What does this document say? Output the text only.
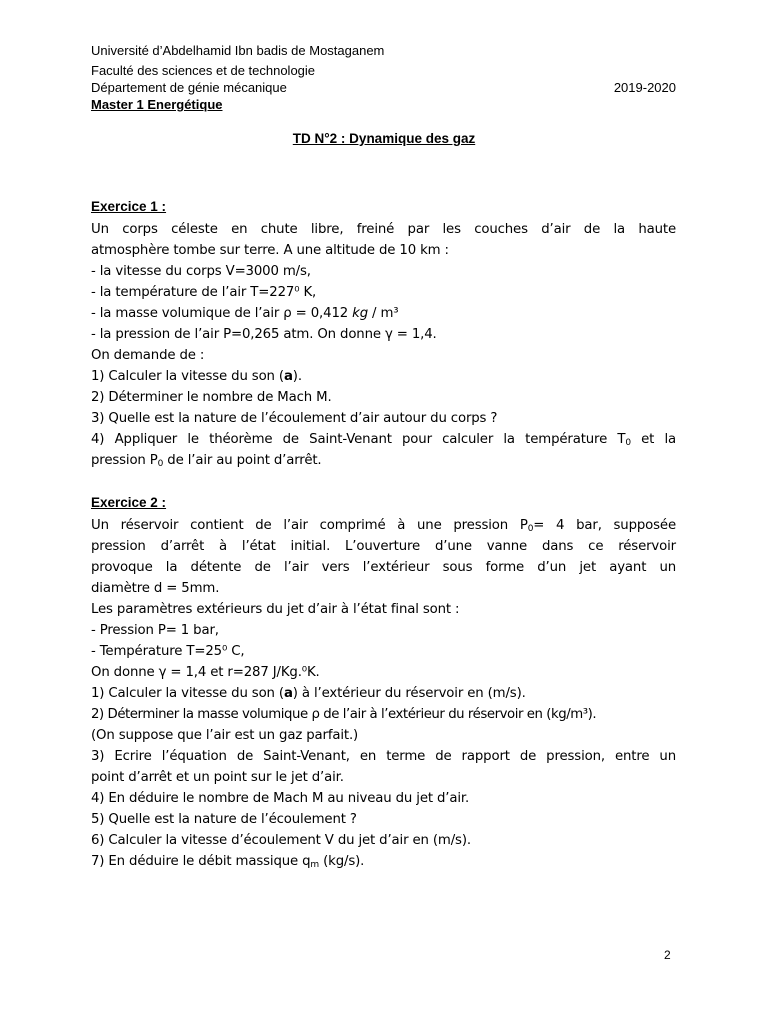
Université d’Abdelhamid Ibn badis de Mostaganem
Faculté des sciences et de technologie
Département de génie mécanique	2019-2020
Master 1 Energétique
TD N°2 : Dynamique des gaz
Exercice 1 :
Un corps céleste en chute libre, freiné par les couches d’air de la haute
atmosphère tombe sur terre. A une altitude de 10 km :
- la vitesse du corps V=3000 m/s,
- la température de l’air T=227⁰ K,
- la masse volumique de l’air ρ = 0,412 kg / m³
- la pression de l’air P=0,265 atm. On donne γ = 1,4.
On demande de :
1) Calculer la vitesse du son (a).
2) Déterminer le nombre de Mach M.
3) Quelle est la nature de l’écoulement d’air autour du corps ?
4) Appliquer le théorème de Saint-Venant pour calculer la température $T_0$ et la
pression $P_0$ de l’air au point d’arrêt.
Exercice 2 :
Un réservoir contient de l’air comprimé à une pression $P_0= 4$ bar, supposée
pression d’arrêt à l’état initial. L’ouverture d’une vanne dans ce réservoir
provoque la détente de l’air vers l’extérieur sous forme d’un jet ayant un
diamètre d = 5mm.
Les paramètres extérieurs du jet d’air à l’état final sont :
- Pression P= 1 bar,
- Température T=25⁰ C,
On donne γ = 1,4 et r=287 J/Kg.⁰K.
1) Calculer la vitesse du son (a) à l’extérieur du réservoir en (m/s).
2) Déterminer la masse volumique ρ de l’air à l’extérieur du réservoir en (kg/m³).
(On suppose que l’air est un gaz parfait.)
3) Ecrire l’équation de Saint-Venant, en terme de rapport de pression, entre un
point d’arrêt et un point sur le jet d’air.
4) En déduire le nombre de Mach M au niveau du jet d’air.
5) Quelle est la nature de l’écoulement ?
6) Calculer la vitesse d’écoulement V du jet d’air en (m/s).
7) En déduire le débit massique $q_m$ (kg/s).
2
